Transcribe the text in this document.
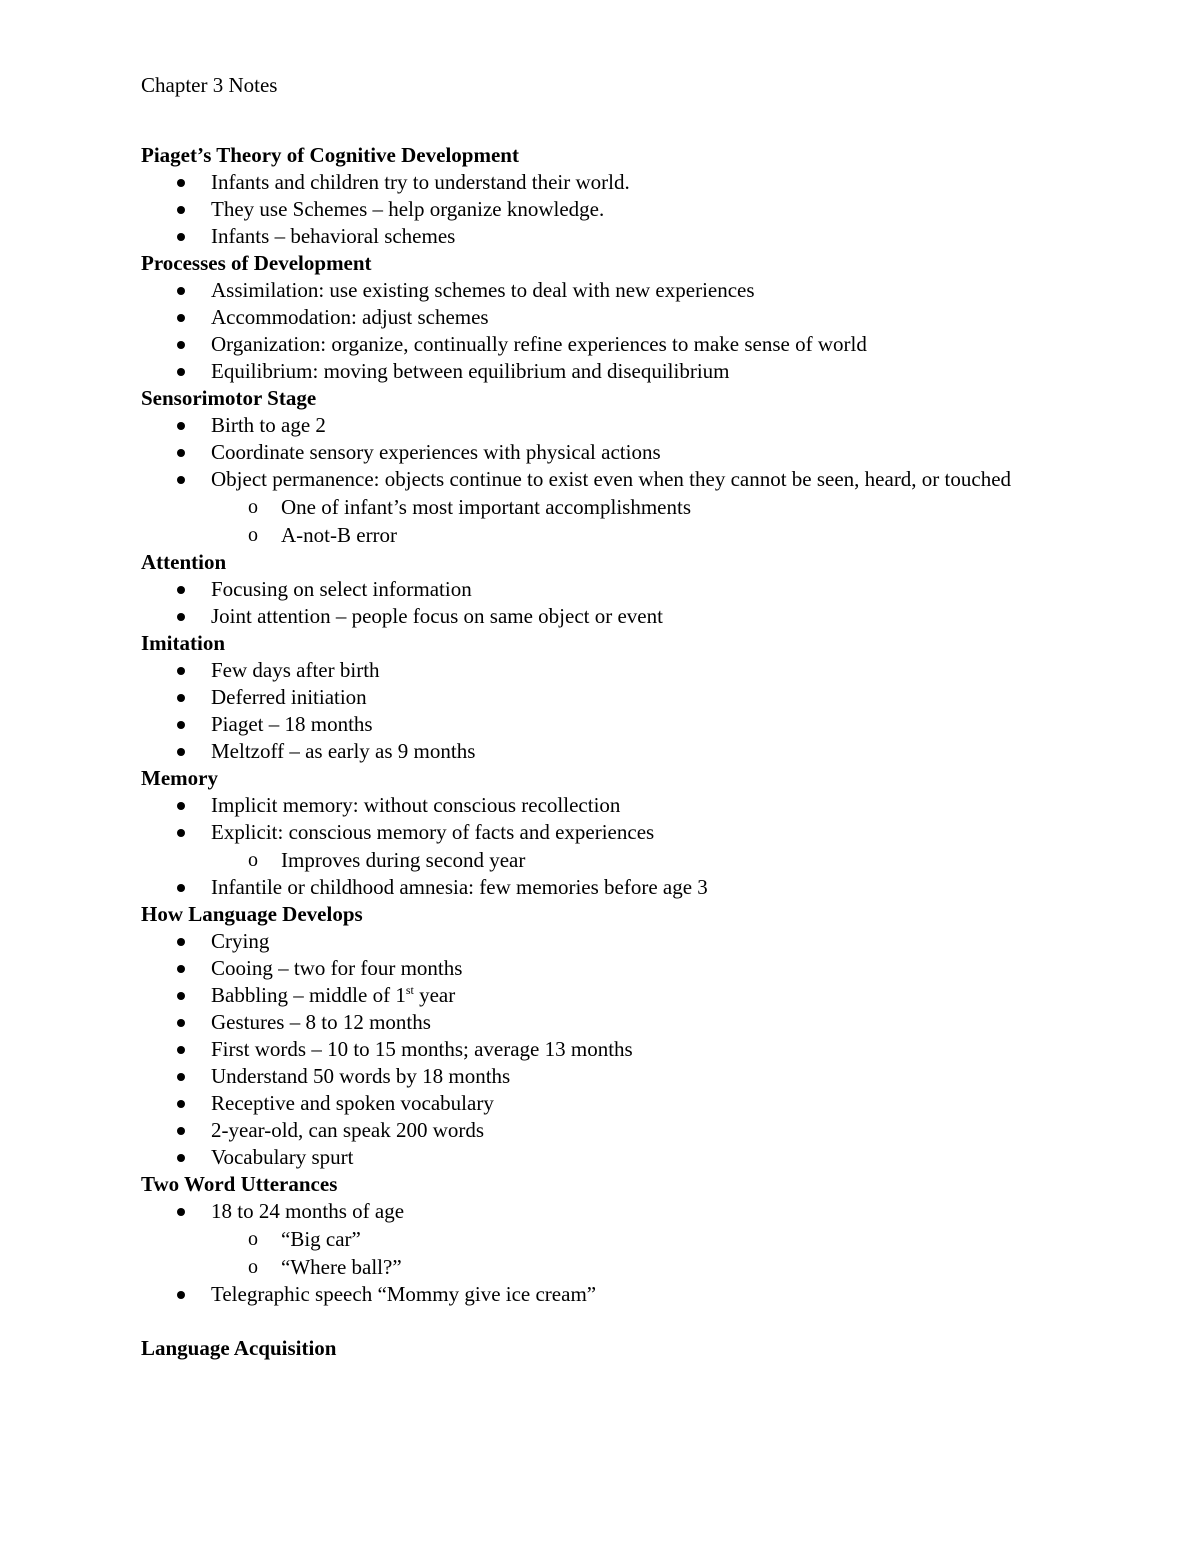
Chapter 3 Notes

Piaget’s Theory of Cognitive Development

Infants and children try to understand their world.
They use Schemes – help organize knowledge.
Infants – behavioral schemes

Processes of Development

Assimilation: use existing schemes to deal with new experiences
Accommodation: adjust schemes
Organization: organize, continually refine experiences to make sense of world
Equilibrium: moving between equilibrium and disequilibrium

Sensorimotor Stage

Birth to age 2
Coordinate sensory experiences with physical actions
Object permanence: objects continue to exist even when they cannot be seen, heard, or touched
o One of infant’s most important accomplishments
o A-not-B error

Attention

Focusing on select information
Joint attention – people focus on same object or event

Imitation

Few days after birth
Deferred initiation
Piaget – 18 months
Meltzoff – as early as 9 months

Memory

Implicit memory: without conscious recollection
Explicit: conscious memory of facts and experiences
o Improves during second year
Infantile or childhood amnesia: few memories before age 3

How Language Develops

Crying
Cooing – two for four months
Babbling – middle of 1st year
Gestures – 8 to 12 months
First words – 10 to 15 months; average 13 months
Understand 50 words by 18 months
Receptive and spoken vocabulary
2-year-old, can speak 200 words
Vocabulary spurt

Two Word Utterances

18 to 24 months of age
o “Big car”
o “Where ball?”
Telegraphic speech “Mommy give ice cream”

Language Acquisition
